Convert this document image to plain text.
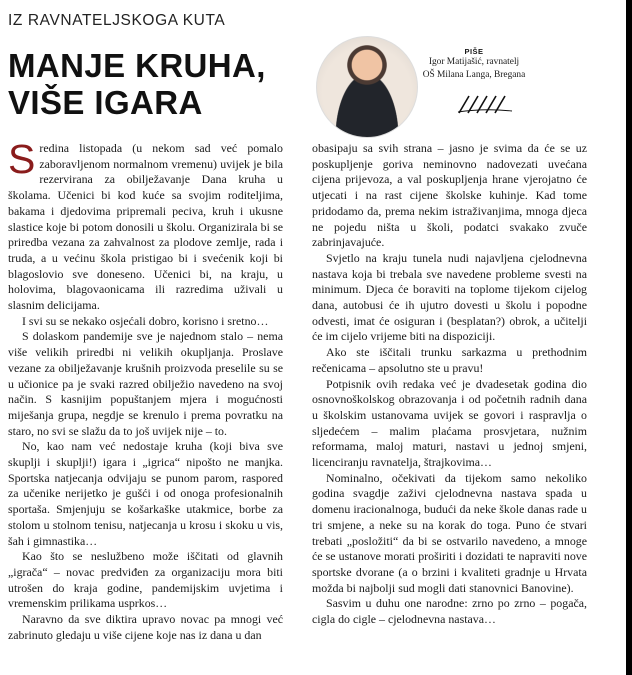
IZ RAVNATELJSKOGA KUTA
MANJE KRUHA,
VIŠE IGARA
PIŠE
Igor Matijašić, ravnatelj
OŠ Milana Langa, Bregana

Sredina listopada (u nekom sad već pomalo zaboravljenom normalnom vremenu) uvijek je bila rezervirana za obilježavanje Dana kruha u školama. Učenici bi kod kuće sa svojim roditeljima, bakama i djedovima pripremali peciva, kruh i ukusne slastice koje bi potom donosili u školu. Organizirala bi se priredba vezana za zahvalnost za plodove zemlje, rada i truda, a u većinu škola pristigao bi i svećenik koji bi blagoslovio sve doneseno. Učenici bi, na kraju, u holovima, blagovaonicama ili razredima uživali u slasnim delicijama.

I svi su se nekako osjećali dobro, korisno i sretno…

S dolaskom pandemije sve je najednom stalo – nema više velikih priredbi ni velikih okupljanja. Proslave vezane za obilježavanje krušnih proizvoda preselile su se u učionice pa je svaki razred obilježio navedeno na svoj način. S kasnijim popuštanjem mjera i mogućnosti miješanja grupa, negdje se krenulo i prema povratku na staro, no svi se slažu da to još uvijek nije – to.

No, kao nam već nedostaje kruha (koji biva sve skuplji i skuplji!) igara i „igrica“ nipošto ne manjka. Sportska natjecanja odvijaju se punom parom, raspored za učenike nerijetko je gušći i od onoga profesionalnih sportaša. Smjenjuju se košarkaške utakmice, borbe za stolom u stolnom tenisu, natjecanja u krosu i skoku u vis, šah i gimnastika…

Kao što se neslužbeno može iščitati od glavnih „igrača“ – novac predviđen za organizaciju mora biti utrošen do kraja godine, pandemijskim uvjetima i vremenskim prilikama usprkos…

Naravno da sve diktira upravo novac pa mnogi već zabrinuto gledaju u više cijene koje nas iz dana u dan

obasipaju sa svih strana – jasno je svima da će se uz poskupljenje goriva neminovno nadovezati uvećana cijena prijevoza, a val poskupljenja hrane vjerojatno će utjecati i na rast cijene školske kuhinje. Kad tome pridodamo da, prema nekim istraživanjima, mnoga djeca ne pojedu ništa u školi, podatci svakako zvuče zabrinjavajuće.

Svjetlo na kraju tunela nudi najavljena cjelodnevna nastava koja bi trebala sve navedene probleme svesti na minimum. Djeca će boraviti na toplome tijekom cijelog dana, autobusi će ih ujutro dovesti u školu i popodne odvesti, imat će osiguran i (besplatan?) obrok, a učitelji će im cijelo vrijeme biti na dispoziciji.

Ako ste iščitali trunku sarkazma u prethodnim rečenicama – apsolutno ste u pravu!

Potpisnik ovih redaka već je dvadesetak godina dio osnovnoškolskog obrazovanja i od početnih radnih dana u školskim ustanovama uvijek se govori i raspravlja o sljedećem – malim plaćama prosvjetara, nužnim reformama, maloj maturi, nastavi u jednoj smjeni, licenciranju ravnatelja, štrajkovima…

Nominalno, očekivati da tijekom samo nekoliko godina svagdje zaživi cjelodnevna nastava spada u domenu iracionalnoga, budući da neke škole danas rade u tri smjene, a neke su na korak do toga. Puno će stvari trebati „posložiti“ da bi se ostvarilo navedeno, a mnoge će se ustanove morati proširiti i dozidati te napraviti nove sportske dvorane (a o brzini i kvaliteti gradnje u Hrvata možda bi najbolji sud mogli dati stanovnici Banovine).

Sasvim u duhu one narodne: zrno po zrno – pogača, cigla do cigle – cjelodnevna nastava…
